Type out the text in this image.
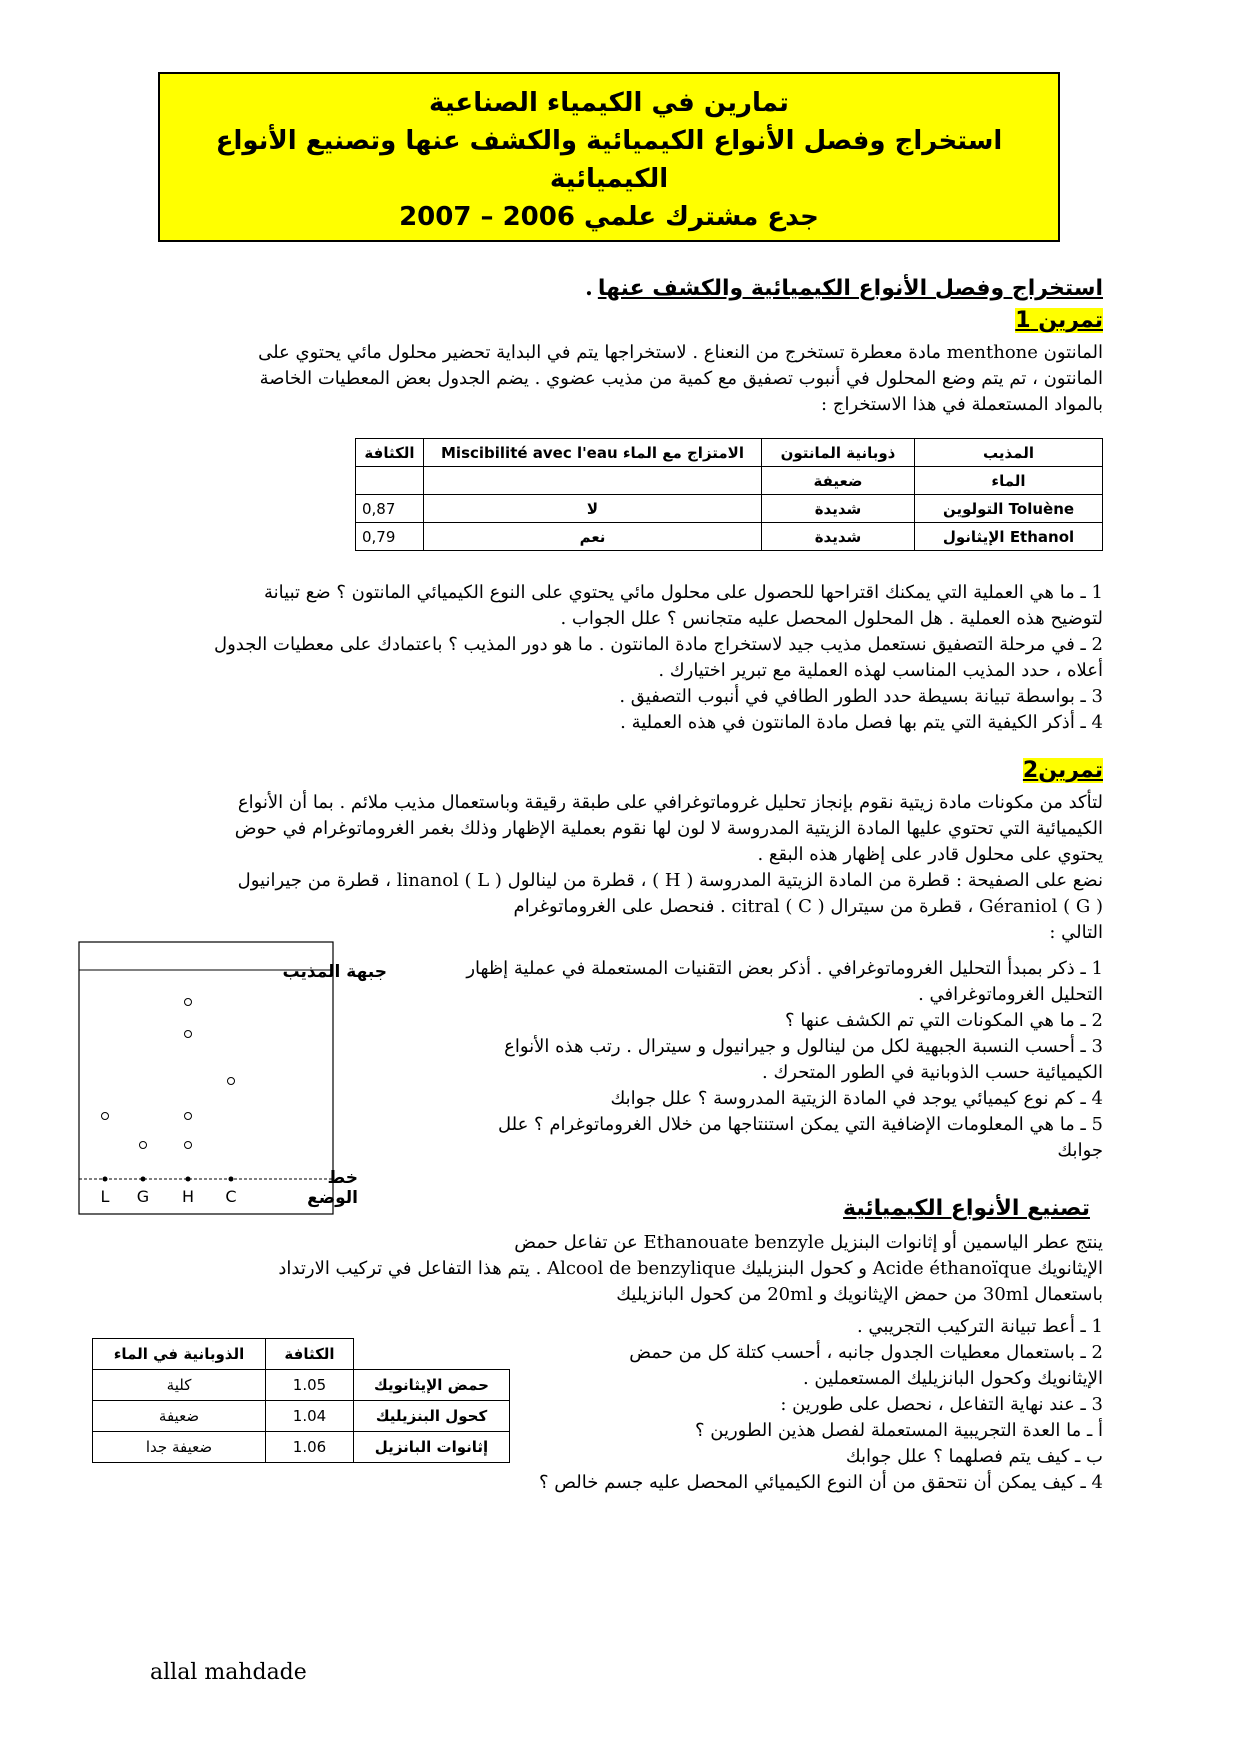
تمارين في الكيمياء الصناعية
استخراج وفصل الأنواع الكيميائية والكشف عنها وتصنيع الأنواع الكيميائية
جدع مشترك علمي 2006 – 2007
استخراج وفصل الأنواع الكيميائية والكشف عنها .
تمرين 1

المانتون menthone مادة معطرة تستخرج من النعناع . لاستخراجها يتم في البداية تحضير محلول مائي يحتوي على

المانتون ، تم يتم وضع المحلول في أنبوب تصفيق مع كمية من مذيب عضوي . يضم الجدول بعض المعطيات الخاصة

بالمواد المستعملة في هذا الاستخراج :

المذيب	ذوبانية المانتون	الامتزاج مع الماء Miscibilité avec l'eau	الكثافة
الماء	ضعيفة		
Toluène التولوين	شديدة	لا	0,87
Ethanol الإيثانول	شديدة	نعم	0,79

1 ـ ما هي العملية التي يمكنك اقتراحها للحصول على محلول مائي يحتوي على النوع الكيميائي المانتون ؟ ضع تبيانة

لتوضيح هذه العملية . هل المحلول المحصل عليه متجانس ؟ علل الجواب .

2 ـ في مرحلة التصفيق نستعمل مذيب جيد لاستخراج مادة المانتون . ما هو دور المذيب ؟ باعتمادك على معطيات الجدول

أعلاه ، حدد المذيب المناسب لهذه العملية مع تبرير اختيارك .

3 ـ بواسطة تبيانة بسيطة حدد الطور الطافي في أنبوب التصفيق .

4 ـ أذكر الكيفية التي يتم بها فصل مادة المانتون في هذه العملية .

تمرين2

لتأكد من مكونات مادة زيتية نقوم بإنجاز تحليل غروماتوغرافي على طبقة رقيقة وباستعمال مذيب ملائم . بما أن الأنواع

الكيميائية التي تحتوي عليها المادة الزيتية المدروسة لا لون لها نقوم بعملية الإظهار وذلك بغمر الغروماتوغرام في حوض

يحتوي على محلول قادر على إظهار هذه البقع .

نضع على الصفيحة : قطرة من المادة الزيتية المدروسة ( H ) ، قطرة من لينالول linanol ( L ) ، قطرة من جيرانيول

Géraniol ( G ) ، قطرة من سيترال citral ( C ) . فنحصل على الغروماتوغرام

التالي :

L G H C
جبهة المذيب
خط الوضع

1 ـ ذكر بمبدأ التحليل الغروماتوغرافي . أذكر بعض التقنيات المستعملة في عملية إظهار

التحليل الغروماتوغرافي .

2 ـ ما هي المكونات التي تم الكشف عنها ؟

3 ـ أحسب النسبة الجبهية لكل من لينالول و جيرانيول و سيترال . رتب هذه الأنواع

الكيميائية حسب الذوبانية في الطور المتحرك .

4 ـ كم نوع كيميائي يوجد في المادة الزيتية المدروسة ؟ علل جوابك

5 ـ ما هي المعلومات الإضافية التي يمكن استنتاجها من خلال الغروماتوغرام ؟ علل

جوابك

تصنيع الأنواع الكيميائية

ينتج عطر الياسمين أو إثانوات البنزيل Ethanouate benzyle عن تفاعل حمض

الإيثانويك Acide éthanoïque و كحول البنزيليك Alcool de benzylique . يتم هذا التفاعل في تركيب الارتداد

باستعمال 30ml من حمض الإيثانويك و 20ml من كحول البانزيليك

1 ـ أعط تبيانة التركيب التجريبي .

2 ـ باستعمال معطيات الجدول جانبه ، أحسب كتلة كل من حمض

الإيثانويك وكحول البانزيليك المستعملين .

3 ـ عند نهاية التفاعل ، نحصل على طورين :

أ ـ ما العدة التجريبية المستعملة لفصل هذين الطورين ؟

ب ـ كيف يتم فصلهما ؟ علل جوابك

4 ـ كيف يمكن أن نتحقق من أن النوع الكيميائي المحصل عليه جسم خالص ؟

الذوبانية في الماء	الكثافة	
كلية	1.05	حمض الإيثانويك
ضعيفة	1.04	كحول البنزيليك
ضعيفة جدا	1.06	إثانوات البانزيل
allal mahdade
